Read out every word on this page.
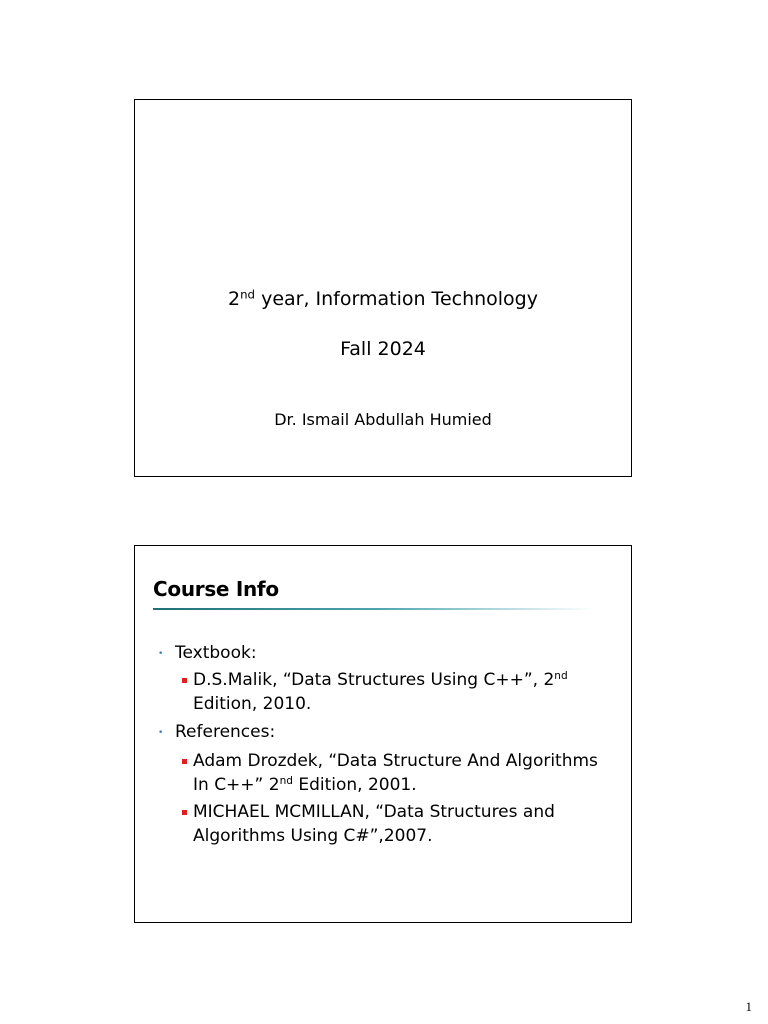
2nd year, Information Technology
Fall 2024
Dr. Ismail Abdullah Humied
Course Info
• Textbook:
D.S.Malik, “Data Structures Using C++”, 2nd Edition, 2010.
• References:
Adam Drozdek, “Data Structure And Algorithms In C++” 2nd Edition, 2001.
MICHAEL MCMILLAN, “Data Structures and Algorithms Using C#”,2007.
1
